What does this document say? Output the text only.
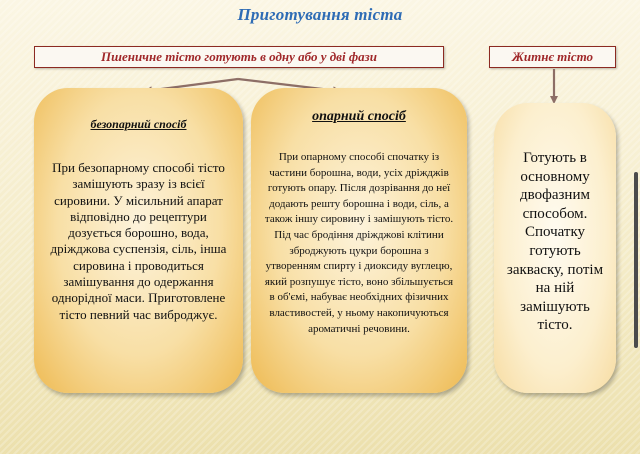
Приготування тіста
Пшеничне тісто готують в одну або у дві фази	Житнє тісто
безопарний спосіб
При безопарному способі тісто замішують зразу із всієї сировини. У місильний апарат відповідно до рецептури дозується борошно, вода, дріжджова суспензія, сіль, інша сировина і проводиться замішування до одержання однорідної маси. Приготовлене тісто певний час виброджує.
опарний спосіб
При опарному способі спочатку із частини борошна, води, усіх дріжджів готують опару. Після дозрівання до неї додають решту борошна і води, сіль, а також іншу сировину і замішують тісто. Під час бродіння дріжджові клітини зброджують цукри борошна з утворенням спирту і диоксиду вуглецю, який розпушує тісто, воно збільшується в об'ємі, набуває необхідних фізичних властивостей, у ньому накопичуються ароматичні речовини.
Готують в основному двофазним способом. Спочатку готують закваску, потім на ній замішують тісто.
